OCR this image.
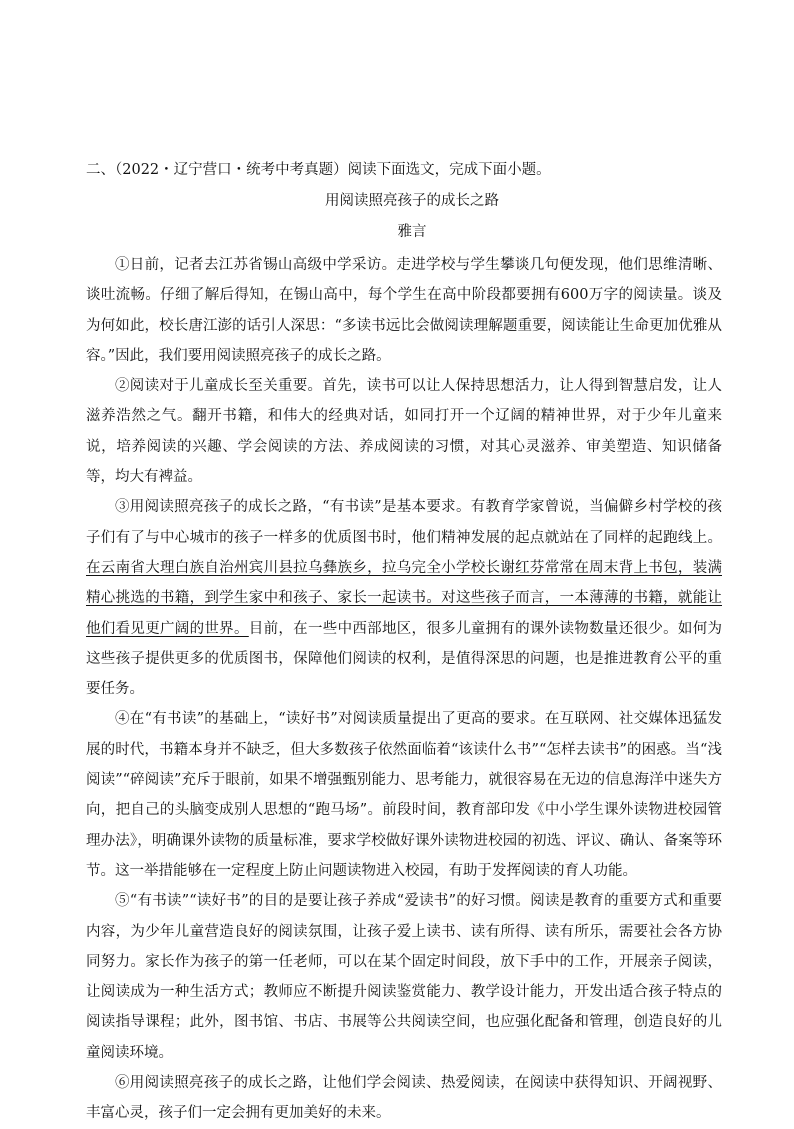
二、（2022・辽宁营口・统考中考真题）阅读下面选文，完成下面小题。
用阅读照亮孩子的成长之路
雅言

①日前，记者去江苏省锡山高级中学采访。走进学校与学生攀谈几句便发现，他们思维清晰、谈吐流畅。仔细了解后得知，在锡山高中，每个学生在高中阶段都要拥有600万字的阅读量。谈及为何如此，校长唐江澎的话引人深思：“多读书远比会做阅读理解题重要，阅读能让生命更加优雅从容。”因此，我们要用阅读照亮孩子的成长之路。

②阅读对于儿童成长至关重要。首先，读书可以让人保持思想活力，让人得到智慧启发，让人滋养浩然之气。翻开书籍，和伟大的经典对话，如同打开一个辽阔的精神世界，对于少年儿童来说，培养阅读的兴趣、学会阅读的方法、养成阅读的习惯，对其心灵滋养、审美塑造、知识储备等，均大有裨益。

③用阅读照亮孩子的成长之路，“有书读”是基本要求。有教育学家曾说，当偏僻乡村学校的孩子们有了与中心城市的孩子一样多的优质图书时，他们精神发展的起点就站在了同样的起跑线上。在云南省大理白族自治州宾川县拉乌彝族乡，拉乌完全小学校长谢红芬常常在周末背上书包，装满精心挑选的书籍，到学生家中和孩子、家长一起读书。对这些孩子而言，一本薄薄的书籍，就能让他们看见更广阔的世界。目前，在一些中西部地区，很多儿童拥有的课外读物数量还很少。如何为这些孩子提供更多的优质图书，保障他们阅读的权利，是值得深思的问题，也是推进教育公平的重要任务。

④在“有书读”的基础上，“读好书”对阅读质量提出了更高的要求。在互联网、社交媒体迅猛发展的时代，书籍本身并不缺乏，但大多数孩子依然面临着“该读什么书”“怎样去读书”的困惑。当“浅阅读”“碎阅读”充斥于眼前，如果不增强甄别能力、思考能力，就很容易在无边的信息海洋中迷失方向，把自己的头脑变成别人思想的“跑马场”。前段时间，教育部印发《中小学生课外读物进校园管理办法》，明确课外读物的质量标准，要求学校做好课外读物进校园的初选、评议、确认、备案等环节。这一举措能够在一定程度上防止问题读物进入校园，有助于发挥阅读的育人功能。

⑤“有书读”“读好书”的目的是要让孩子养成“爱读书”的好习惯。阅读是教育的重要方式和重要内容，为少年儿童营造良好的阅读氛围，让孩子爱上读书、读有所得、读有所乐，需要社会各方协同努力。家长作为孩子的第一任老师，可以在某个固定时间段，放下手中的工作，开展亲子阅读，让阅读成为一种生活方式；教师应不断提升阅读鉴赏能力、教学设计能力，开发出适合孩子特点的阅读指导课程；此外，图书馆、书店、书展等公共阅读空间，也应强化配备和管理，创造良好的儿童阅读环境。

⑥用阅读照亮孩子的成长之路，让他们学会阅读、热爱阅读，在阅读中获得知识、开阔视野、丰富心灵，孩子们一定会拥有更加美好的未来。
